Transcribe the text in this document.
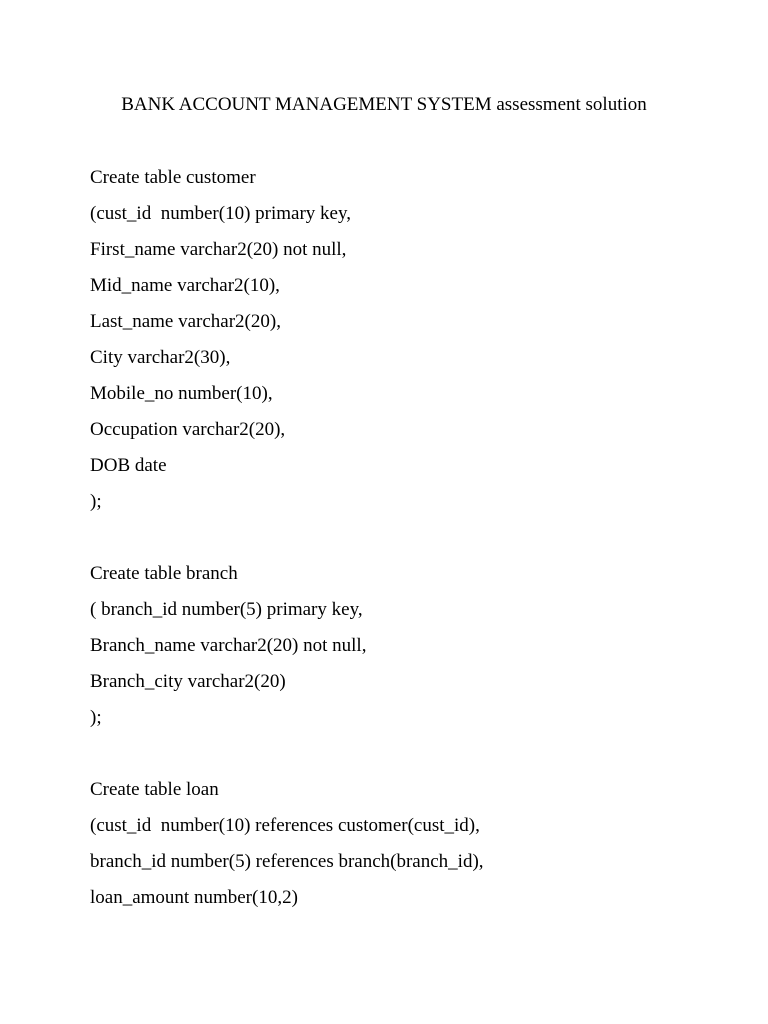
BANK ACCOUNT MANAGEMENT SYSTEM assessment solution
Create table customer
(cust_id  number(10) primary key,
First_name varchar2(20) not null,
Mid_name varchar2(10),
Last_name varchar2(20),
City varchar2(30),
Mobile_no number(10),
Occupation varchar2(20),
DOB date
);
Create table branch
( branch_id number(5) primary key,
Branch_name varchar2(20) not null,
Branch_city varchar2(20)
);
Create table loan
(cust_id  number(10) references customer(cust_id),
branch_id number(5) references branch(branch_id),
loan_amount number(10,2)
